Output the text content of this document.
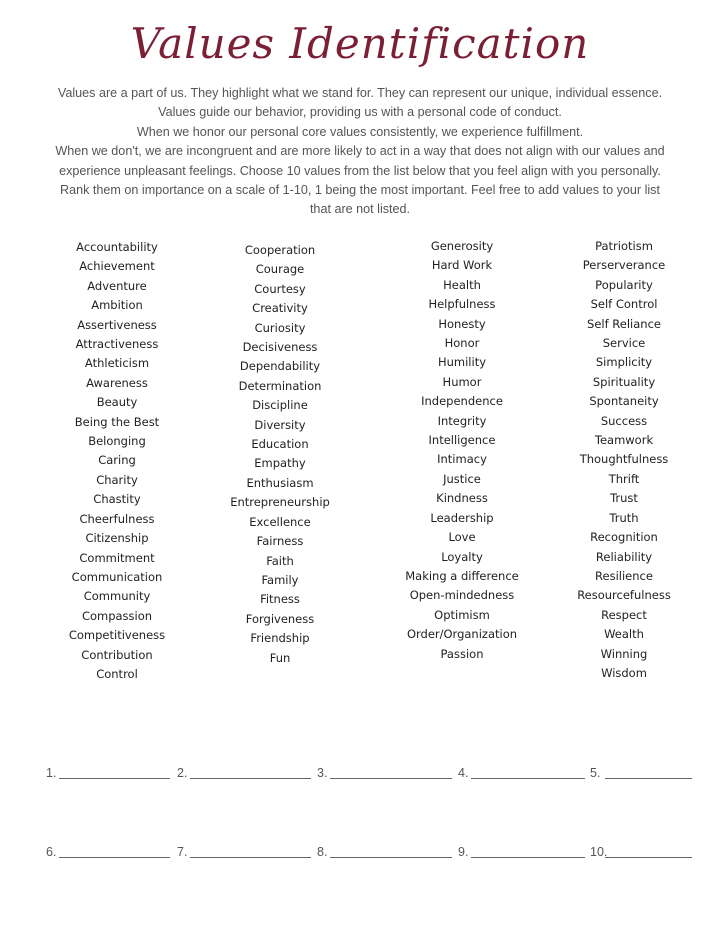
Values Identification
Values are a part of us. They highlight what we stand for. They can represent our unique, individual essence.
Values guide our behavior, providing us with a personal code of conduct.
When we honor our personal core values consistently, we experience fulfillment.
When we don't, we are incongruent and are more likely to act in a way that does not align with our values and
experience unpleasant feelings. Choose 10 values from the list below that you feel align with you personally.
Rank them on importance on a scale of 1-10, 1 being the most important. Feel free to add values to your list
that are not listed.
Accountability
Achievement
Adventure
Ambition
Assertiveness
Attractiveness
Athleticism
Awareness
Beauty
Being the Best
Belonging
Caring
Charity
Chastity
Cheerfulness
Citizenship
Commitment
Communication
Community
Compassion
Competitiveness
Contribution
Control
Cooperation
Courage
Courtesy
Creativity
Curiosity
Decisiveness
Dependability
Determination
Discipline
Diversity
Education
Empathy
Enthusiasm
Entrepreneurship
Excellence
Fairness
Faith
Family
Fitness
Forgiveness
Friendship
Fun
Generosity
Hard Work
Health
Helpfulness
Honesty
Honor
Humility
Humor
Independence
Integrity
Intelligence
Intimacy
Justice
Kindness
Leadership
Love
Loyalty
Making a difference
Open-mindedness
Optimism
Order/Organization
Passion
Patriotism
Perserverance
Popularity
Self Control
Self Reliance
Service
Simplicity
Spirituality
Spontaneity
Success
Teamwork
Thoughtfulness
Thrift
Trust
Truth
Recognition
Reliability
Resilience
Resourcefulness
Respect
Wealth
Winning
Wisdom
1.	2.	3.	4.	5.
6.	7.	8.	9.	10.
